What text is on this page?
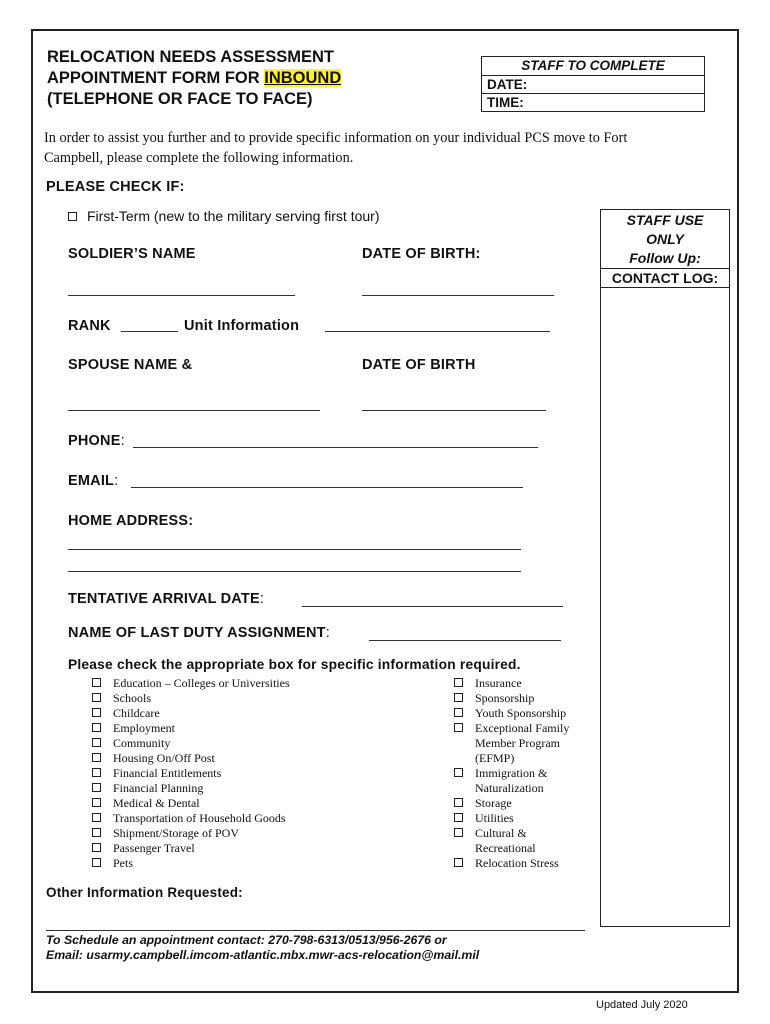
RELOCATION NEEDS ASSESSMENT
APPOINTMENT FORM FOR INBOUND
(TELEPHONE OR FACE TO FACE)
STAFF TO COMPLETE
DATE:
TIME:
In order to assist you further and to provide specific information on your individual PCS move to Fort Campbell, please complete the following information.
PLEASE CHECK IF:
First-Term (new to the military serving first tour)	STAFF USE
ONLY
Follow Up:
CONTACT LOG:
SOLDIER’S NAME	DATE OF BIRTH:
RANK	Unit Information
SPOUSE NAME &	DATE OF BIRTH
PHONE:
EMAIL:
HOME ADDRESS:
TENTATIVE ARRIVAL DATE:
NAME OF LAST DUTY ASSIGNMENT:
Please check the appropriate box for specific information required.
Education – Colleges or Universities
Schools
Childcare
Employment
Community
Housing On/Off Post
Financial Entitlements
Financial Planning
Medical & Dental
Transportation of Household Goods
Shipment/Storage of POV
Passenger Travel
Pets
Insurance
Sponsorship
Youth Sponsorship
Exceptional Family
Member Program
(EFMP)
Immigration &
Naturalization
Storage
Utilities
Cultural &
Recreational
Relocation Stress
Other Information Requested:
To Schedule an appointment contact: 270-798-6313/0513/956-2676 or
Email: usarmy.campbell.imcom-atlantic.mbx.mwr-acs-relocation@mail.mil
Updated July 2020
